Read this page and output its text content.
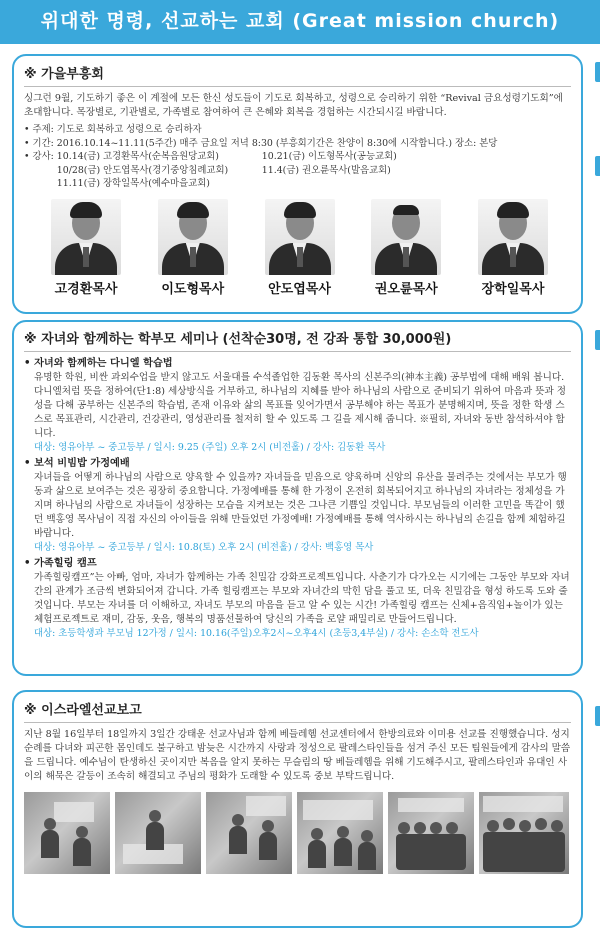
위대한 명령, 선교하는 교회 (Great mission church)
※ 가을부흥회

싱그런 9월, 기도하기 좋은 이 계절에 모든 한신 성도들이 기도로 회복하고, 성령으로 승리하기 위한 “Revival 금요성령기도회”에 초대합니다. 목장별로, 기관별로, 가족별로 참여하여 큰 은혜와 회복을 경험하는 시간되시길 바랍니다.

• 주제: 기도로 회복하고 성령으로 승리하자
• 기간: 2016.10.14~11.11(5주간) 매주 금요일 저녁 8:30 (부흥회기간은 찬양이 8:30에 시작합니다.) 장소: 본당
• 강사: 10.14(금) 고경환목사(순복음원당교회)	10.21(금) 이도형목사(공능교회)
10/28(금) 안도엽목사(경기중앙침례교회)	11.4(금) 권오륜목사(발음교회)
11.11(금) 장학일목사(예수마을교회)
고경환목사	이도형목사	안도엽목사	권오륜목사	장학일목사
※ 자녀와 함께하는 학부모 세미나 (선착순30명, 전 강좌 통합 30,000원)
• 자녀와 함께하는 다니엘 학습법

유명한 학원, 비싼 과외수업을 받지 않고도 서울대를 수석졸업한 김동환 목사의 신본주의(神本主義) 공부법에 대해 배워 봅니다. 다니엘처럼 뜻을 정하여(단1:8) 세상방식을 거부하고, 하나님의 지혜를 받아 하나님의 사람으로 준비되기 위하여 마음과 뜻과 정성을 다해 공부하는 신본주의 학습법, 존재 이유와 삶의 목표를 잊어가면서 공부해야 하는 목표가 분명해지며, 뜻을 정한 학생 스스로 목표관리, 시간관리, 건강관리, 영성관리를 철저히 할 수 있도록 그 길을 제시해 줍니다. ※필히, 자녀와 동반 참석하셔야 합니다.

대상: 영유아부 ~ 중고등부 / 일시: 9.25 (주일) 오후 2시 (비전홀) / 강사: 김동환 목사
• 보석 비빔밥 가정예배

자녀들을 어떻게 하나님의 사람으로 양육할 수 있을까? 자녀들을 믿음으로 양육하며 신앙의 유산을 물려주는 것에서는 부모가 행동과 삶으로 보여주는 것은 굉장히 중요합니다. 가정예배를 통해 한 가정이 온전히 회복되어지고 하나님의 자녀라는 정체성을 가지며 하나님의 사람으로 자녀들이 성장하는 모습을 지켜보는 것은 그나큰 기쁨일 것입니다. 부모님들의 이러한 고민을 똑같이 했던 백홍영 목사님이 직접 자신의 아이들을 위해 만들었던 가정예배! 가정예배를 통해 역사하시는 하나님의 손길을 함께 체험하길 바랍니다.

대상: 영유아부 ~ 중고등부 / 일시: 10.8(토) 오후 2시 (비전홀) / 강사: 백홍영 목사
• 가족힐링 캠프

가족힐링캠프”는 아빠, 엄마, 자녀가 함께하는 가족 친밀감 강화프로젝트입니다. 사춘기가 다가오는 시기에는 그동안 부모와 자녀간의 관계가 조금씩 변화되어져 갑니다. 가족 힐링캠프는 부모와 자녀간의 막힌 담을 풀고 또, 더욱 친밀감을 형성 하도록 도와 줄 것입니다. 부모는 자녀를 더 이해하고, 자녀도 부모의 마음을 듣고 알 수 있는 시간! 가족힐링 캠프는 신체+음직임+놀이가 있는 체험프로젝트로 재미, 감동, 웃음, 행복의 명품선물하여 당신의 가족을 로얄 패밀리로 만들어드립니다.

대상: 초등학생과 부모님 12가정 / 일시: 10.16(주일)오후2시~오후4시 (초등3,4부실) / 강사: 손소학 전도사
※ 이스라엘선교보고

지난 8월 16일부터 18일까지 3일간 강태운 선교사님과 함께 베들레헴 선교센터에서 한방의료와 이미용 선교를 진행했습니다. 성지순례를 다녀와 피곤한 몸인데도 불구하고 밤늦은 시간까지 사랑과 정성으로 팔레스타인들을 섬겨 주신 모든 팀원들에게 감사의 말씀을 드립니다. 예수님이 탄생하신 곳이지만 복음을 알지 못하는 무슬림의 땅 베들레헴을 위해 기도해주시고, 팔레스타인과 유대인 사이의 해묵은 갈등이 조속히 해결되고 주님의 평화가 도래할 수 있도록 중보 부탁드립니다.
